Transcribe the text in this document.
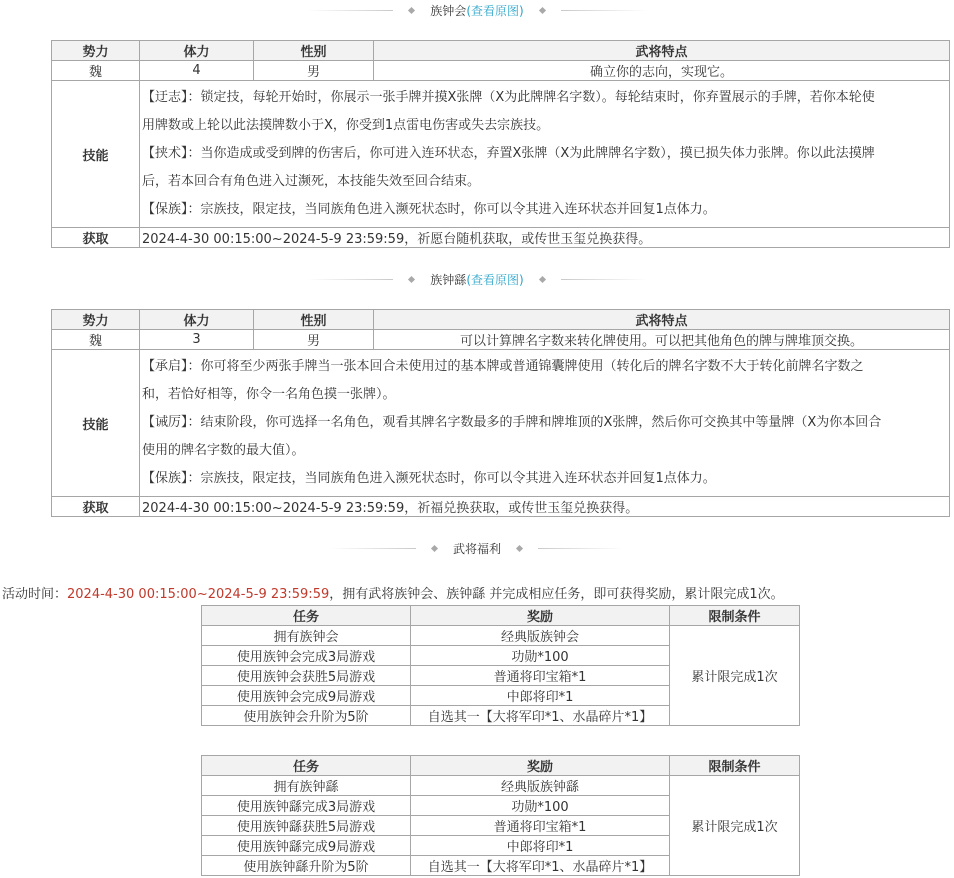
族钟会(查看原图)
势力	体力	性别	武将特点
魏	4	男	确立你的志向，实现它。
技能	【迂志】：锁定技，每轮开始时，你展示一张手牌并摸X张牌（X为此牌牌名字数）。每轮结束时，你弃置展示的手牌，若你本轮使
用牌数或上轮以此法摸牌数小于X，你受到1点雷电伤害或失去宗族技。
【挟术】：当你造成或受到牌的伤害后，你可进入连环状态，弃置X张牌（X为此牌牌名字数），摸已损失体力张牌。你以此法摸牌
后，若本回合有角色进入过濒死，本技能失效至回合结束。
【保族】：宗族技，限定技，当同族角色进入濒死状态时，你可以令其进入连环状态并回复1点体力。		

获取	2024-4-30 00:15:00~2024-5-9 23:59:59，祈愿台随机获取，或传世玉玺兑换获得。		
族钟繇(查看原图)
势力	体力	性别	武将特点
魏	3	男	可以计算牌名字数来转化牌使用。可以把其他角色的牌与牌堆顶交换。
技能	【承启】：你可将至少两张手牌当一张本回合未使用过的基本牌或普通锦囊牌使用（转化后的牌名字数不大于转化前牌名字数之
和，若恰好相等，你令一名角色摸一张牌）。
【诫厉】：结束阶段，你可选择一名角色，观看其牌名字数最多的手牌和牌堆顶的X张牌，然后你可交换其中等量牌（X为你本回合
使用的牌名字数的最大值）。
【保族】：宗族技，限定技，当同族角色进入濒死状态时，你可以令其进入连环状态并回复1点体力。		

获取	2024-4-30 00:15:00~2024-5-9 23:59:59，祈福兑换获取，或传世玉玺兑换获得。		
武将福利
活动时间：2024-4-30 00:15:00~2024-5-9 23:59:59，拥有武将族钟会、族钟繇 并完成相应任务，即可获得奖励，累计限完成1次。
任务	奖励	限制条件
拥有族钟会	经典版族钟会	累计限完成1次
使用族钟会完成3局游戏	功勋*100	
使用族钟会获胜5局游戏	普通将印宝箱*1	
使用族钟会完成9局游戏	中郎将印*1	
使用族钟会升阶为5阶	自选其一【大将军印*1、水晶碎片*1】	
任务	奖励	限制条件
拥有族钟繇	经典版族钟繇	累计限完成1次
使用族钟繇完成3局游戏	功勋*100	
使用族钟繇获胜5局游戏	普通将印宝箱*1	
使用族钟繇完成9局游戏	中郎将印*1	
使用族钟繇升阶为5阶	自选其一【大将军印*1、水晶碎片*1】	
